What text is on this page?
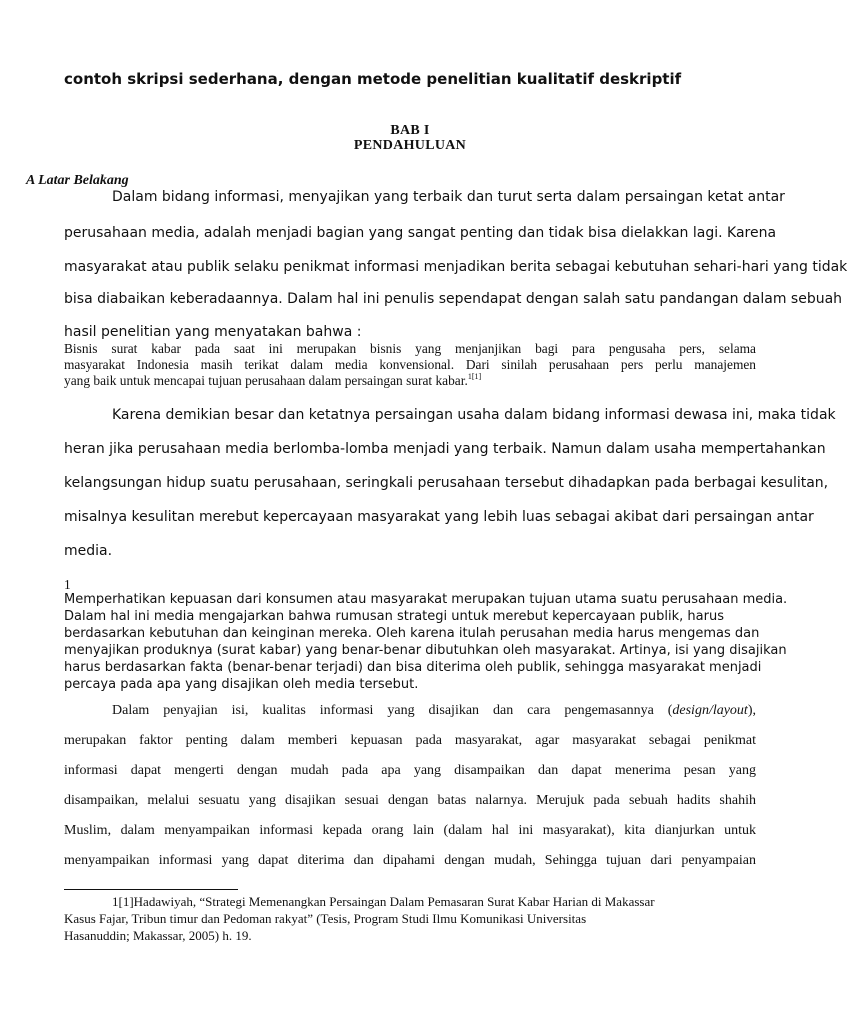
contoh skripsi sederhana, dengan metode penelitian kualitatif deskriptif
BAB I
PENDAHULUAN
A Latar Belakang
Dalam bidang informasi, menyajikan yang terbaik dan turut serta dalam persaingan ketat antar
perusahaan media, adalah menjadi bagian yang sangat penting dan tidak bisa dielakkan lagi. Karena
masyarakat atau publik selaku penikmat informasi menjadikan berita sebagai kebutuhan sehari-hari yang tidak
bisa diabaikan keberadaannya. Dalam hal ini penulis sependapat dengan salah satu pandangan dalam sebuah
hasil penelitian yang menyatakan bahwa :
Bisnis surat kabar pada saat ini merupakan bisnis yang menjanjikan bagi para pengusaha pers, selama
masyarakat Indonesia masih terikat dalam media konvensional. Dari sinilah perusahaan pers perlu manajemen
yang baik untuk mencapai tujuan perusahaan dalam persaingan surat kabar.$^{1[1]}$
Karena demikian besar dan ketatnya persaingan usaha dalam bidang informasi dewasa ini, maka tidak
heran jika perusahaan media berlomba-lomba menjadi yang terbaik. Namun dalam usaha mempertahankan
kelangsungan hidup suatu perusahaan, seringkali perusahaan tersebut dihadapkan pada berbagai kesulitan,
misalnya kesulitan merebut kepercayaan masyarakat yang lebih luas sebagai akibat dari persaingan antar
media.
1
Memperhatikan kepuasan dari konsumen atau masyarakat merupakan tujuan utama suatu perusahaan media.
Dalam hal ini media mengajarkan bahwa rumusan strategi untuk merebut kepercayaan publik, harus
berdasarkan kebutuhan dan keinginan mereka. Oleh karena itulah perusahan media harus mengemas dan
menyajikan produknya (surat kabar) yang benar-benar dibutuhkan oleh masyarakat. Artinya, isi yang disajikan
harus berdasarkan fakta (benar-benar terjadi) dan bisa diterima oleh publik, sehingga masyarakat menjadi
percaya pada apa yang disajikan oleh media tersebut.
Dalam penyajian isi, kualitas informasi yang disajikan dan cara pengemasannya (design/layout),
merupakan faktor penting dalam memberi kepuasan pada masyarakat, agar masyarakat sebagai penikmat
informasi dapat mengerti dengan mudah pada apa yang disampaikan dan dapat menerima pesan yang
disampaikan, melalui sesuatu yang disajikan sesuai dengan batas nalarnya. Merujuk pada sebuah hadits shahih
Muslim, dalam menyampaikan informasi kepada orang lain (dalam hal ini masyarakat), kita dianjurkan untuk
menyampaikan informasi yang dapat diterima dan dipahami dengan mudah, Sehingga tujuan dari penyampaian
1[1]Hadawiyah, “Strategi Memenangkan Persaingan Dalam Pemasaran Surat Kabar Harian di Makassar
Kasus Fajar, Tribun timur dan Pedoman rakyat” (Tesis, Program Studi Ilmu Komunikasi Universitas
Hasanuddin; Makassar, 2005) h. 19.
